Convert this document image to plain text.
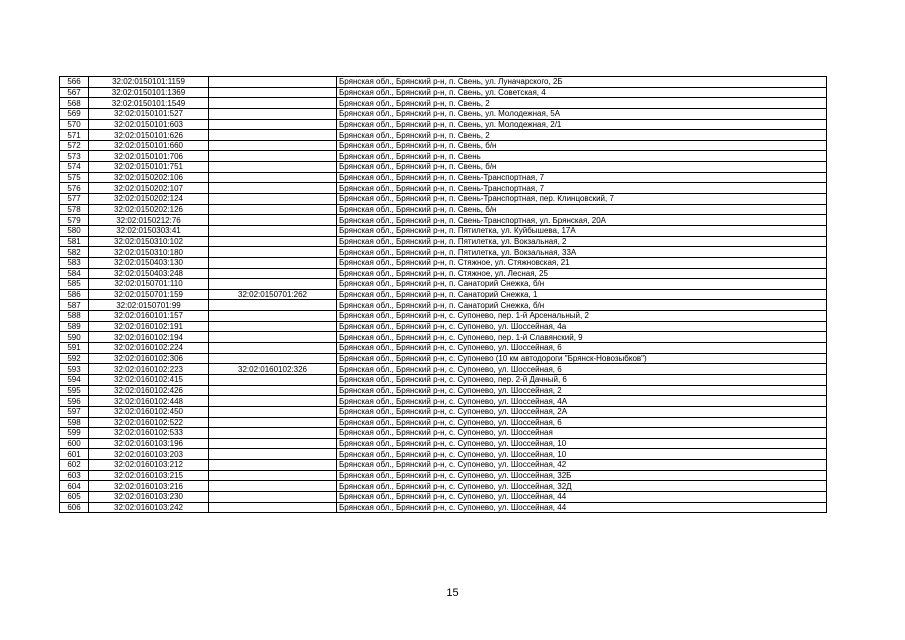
566	32:02:0150101:1159		Брянская обл., Брянский р-н, п. Свень, ул. Луначарского, 2Б
567	32:02:0150101:1369		Брянская обл., Брянский р-н, п. Свень, ул. Советская, 4
568	32:02:0150101:1549		Брянская обл., Брянский р-н, п. Свень, 2
569	32:02:0150101:527		Брянская обл., Брянский р-н, п. Свень, ул. Молодежная, 5А
570	32:02:0150101:603		Брянская обл., Брянский р-н, п. Свень, ул. Молодежная, 2/1
571	32:02:0150101:626		Брянская обл., Брянский р-н, п. Свень, 2
572	32:02:0150101:660		Брянская обл., Брянский р-н, п. Свень, б/н
573	32:02:0150101:706		Брянская обл., Брянский р-н, п. Свень
574	32:02:0150101:751		Брянская обл., Брянский р-н, п. Свень, б/н
575	32:02:0150202:106		Брянская обл., Брянский р-н, п. Свень-Транспортная, 7
576	32:02:0150202:107		Брянская обл., Брянский р-н, п. Свень-Транспортная, 7
577	32:02:0150202:124		Брянская обл., Брянский р-н, п. Свень-Транспортная, пер. Клинцовский, 7
578	32:02:0150202:126		Брянская обл., Брянский р-н, п. Свень, б/н
579	32:02:0150212:76		Брянская обл., Брянский р-н, п. Свень-Транспортная, ул. Брянская, 20А
580	32:02:0150303:41		Брянская обл., Брянский р-н, п. Пятилетка, ул. Куйбышева, 17А
581	32:02:0150310:102		Брянская обл., Брянский р-н, п. Пятилетка, ул. Вокзальная, 2
582	32:02:0150310:180		Брянская обл., Брянский р-н, п. Пятилетка, ул. Вокзальная, 33А
583	32:02:0150403:130		Брянская обл., Брянский р-н, п. Стяжное, ул. Стяжновская, 21
584	32:02:0150403:248		Брянская обл., Брянский р-н, п. Стяжное, ул. Лесная, 25
585	32:02:0150701:110		Брянская обл., Брянский р-н, п. Санаторий Снежка, б/н
586	32:02:0150701:159	32:02:0150701:262	Брянская обл., Брянский р-н, п. Санаторий Снежка, 1
587	32:02:0150701:99		Брянская обл., Брянский р-н, п. Санаторий Снежка, б/н
588	32:02:0160101:157		Брянская обл., Брянский р-н, с. Супонево, пер. 1-й Арсенальный, 2
589	32:02:0160102:191		Брянская обл., Брянский р-н, с. Супонево, ул. Шоссейная, 4а
590	32:02:0160102:194		Брянская обл., Брянский р-н, с. Супонево, пер. 1-й Славянский, 9
591	32:02:0160102:224		Брянская обл., Брянский р-н, с. Супонево, ул. Шоссейная, 6
592	32:02:0160102:306		Брянская обл., Брянский р-н, с. Супонево (10 км автодороги "Брянск-Новозыбков")
593	32:02:0160102:223	32:02:0160102:326	Брянская обл., Брянский р-н, с. Супонево, ул. Шоссейная, 6
594	32:02:0160102:415		Брянская обл., Брянский р-н, с. Супонево, пер. 2-й Дачный, 6
595	32:02:0160102:426		Брянская обл., Брянский р-н, с. Супонево, ул. Шоссейная, 2
596	32:02:0160102:448		Брянская обл., Брянский р-н, с. Супонево, ул. Шоссейная, 4А
597	32:02:0160102:450		Брянская обл., Брянский р-н, с. Супонево, ул. Шоссейная, 2А
598	32:02:0160102:522		Брянская обл., Брянский р-н, с. Супонево, ул. Шоссейная, 6
599	32:02:0160102:533		Брянская обл., Брянский р-н, с. Супонево, ул. Шоссейная
600	32:02:0160103:196		Брянская обл., Брянский р-н, с. Супонево, ул. Шоссейная, 10
601	32:02:0160103:203		Брянская обл., Брянский р-н, с. Супонево, ул. Шоссейная, 10
602	32:02:0160103:212		Брянская обл., Брянский р-н, с. Супонево, ул. Шоссейная, 42
603	32:02:0160103:215		Брянская обл., Брянский р-н, с. Супонево, ул. Шоссейная, 32Б
604	32:02:0160103:216		Брянская обл., Брянский р-н, с. Супонево, ул. Шоссейная, 32Д
605	32:02:0160103:230		Брянская обл., Брянский р-н, с. Супонево, ул. Шоссейная, 44
606	32:02:0160103:242		Брянская обл., Брянский р-н, с. Супонево, ул. Шоссейная, 44
15
